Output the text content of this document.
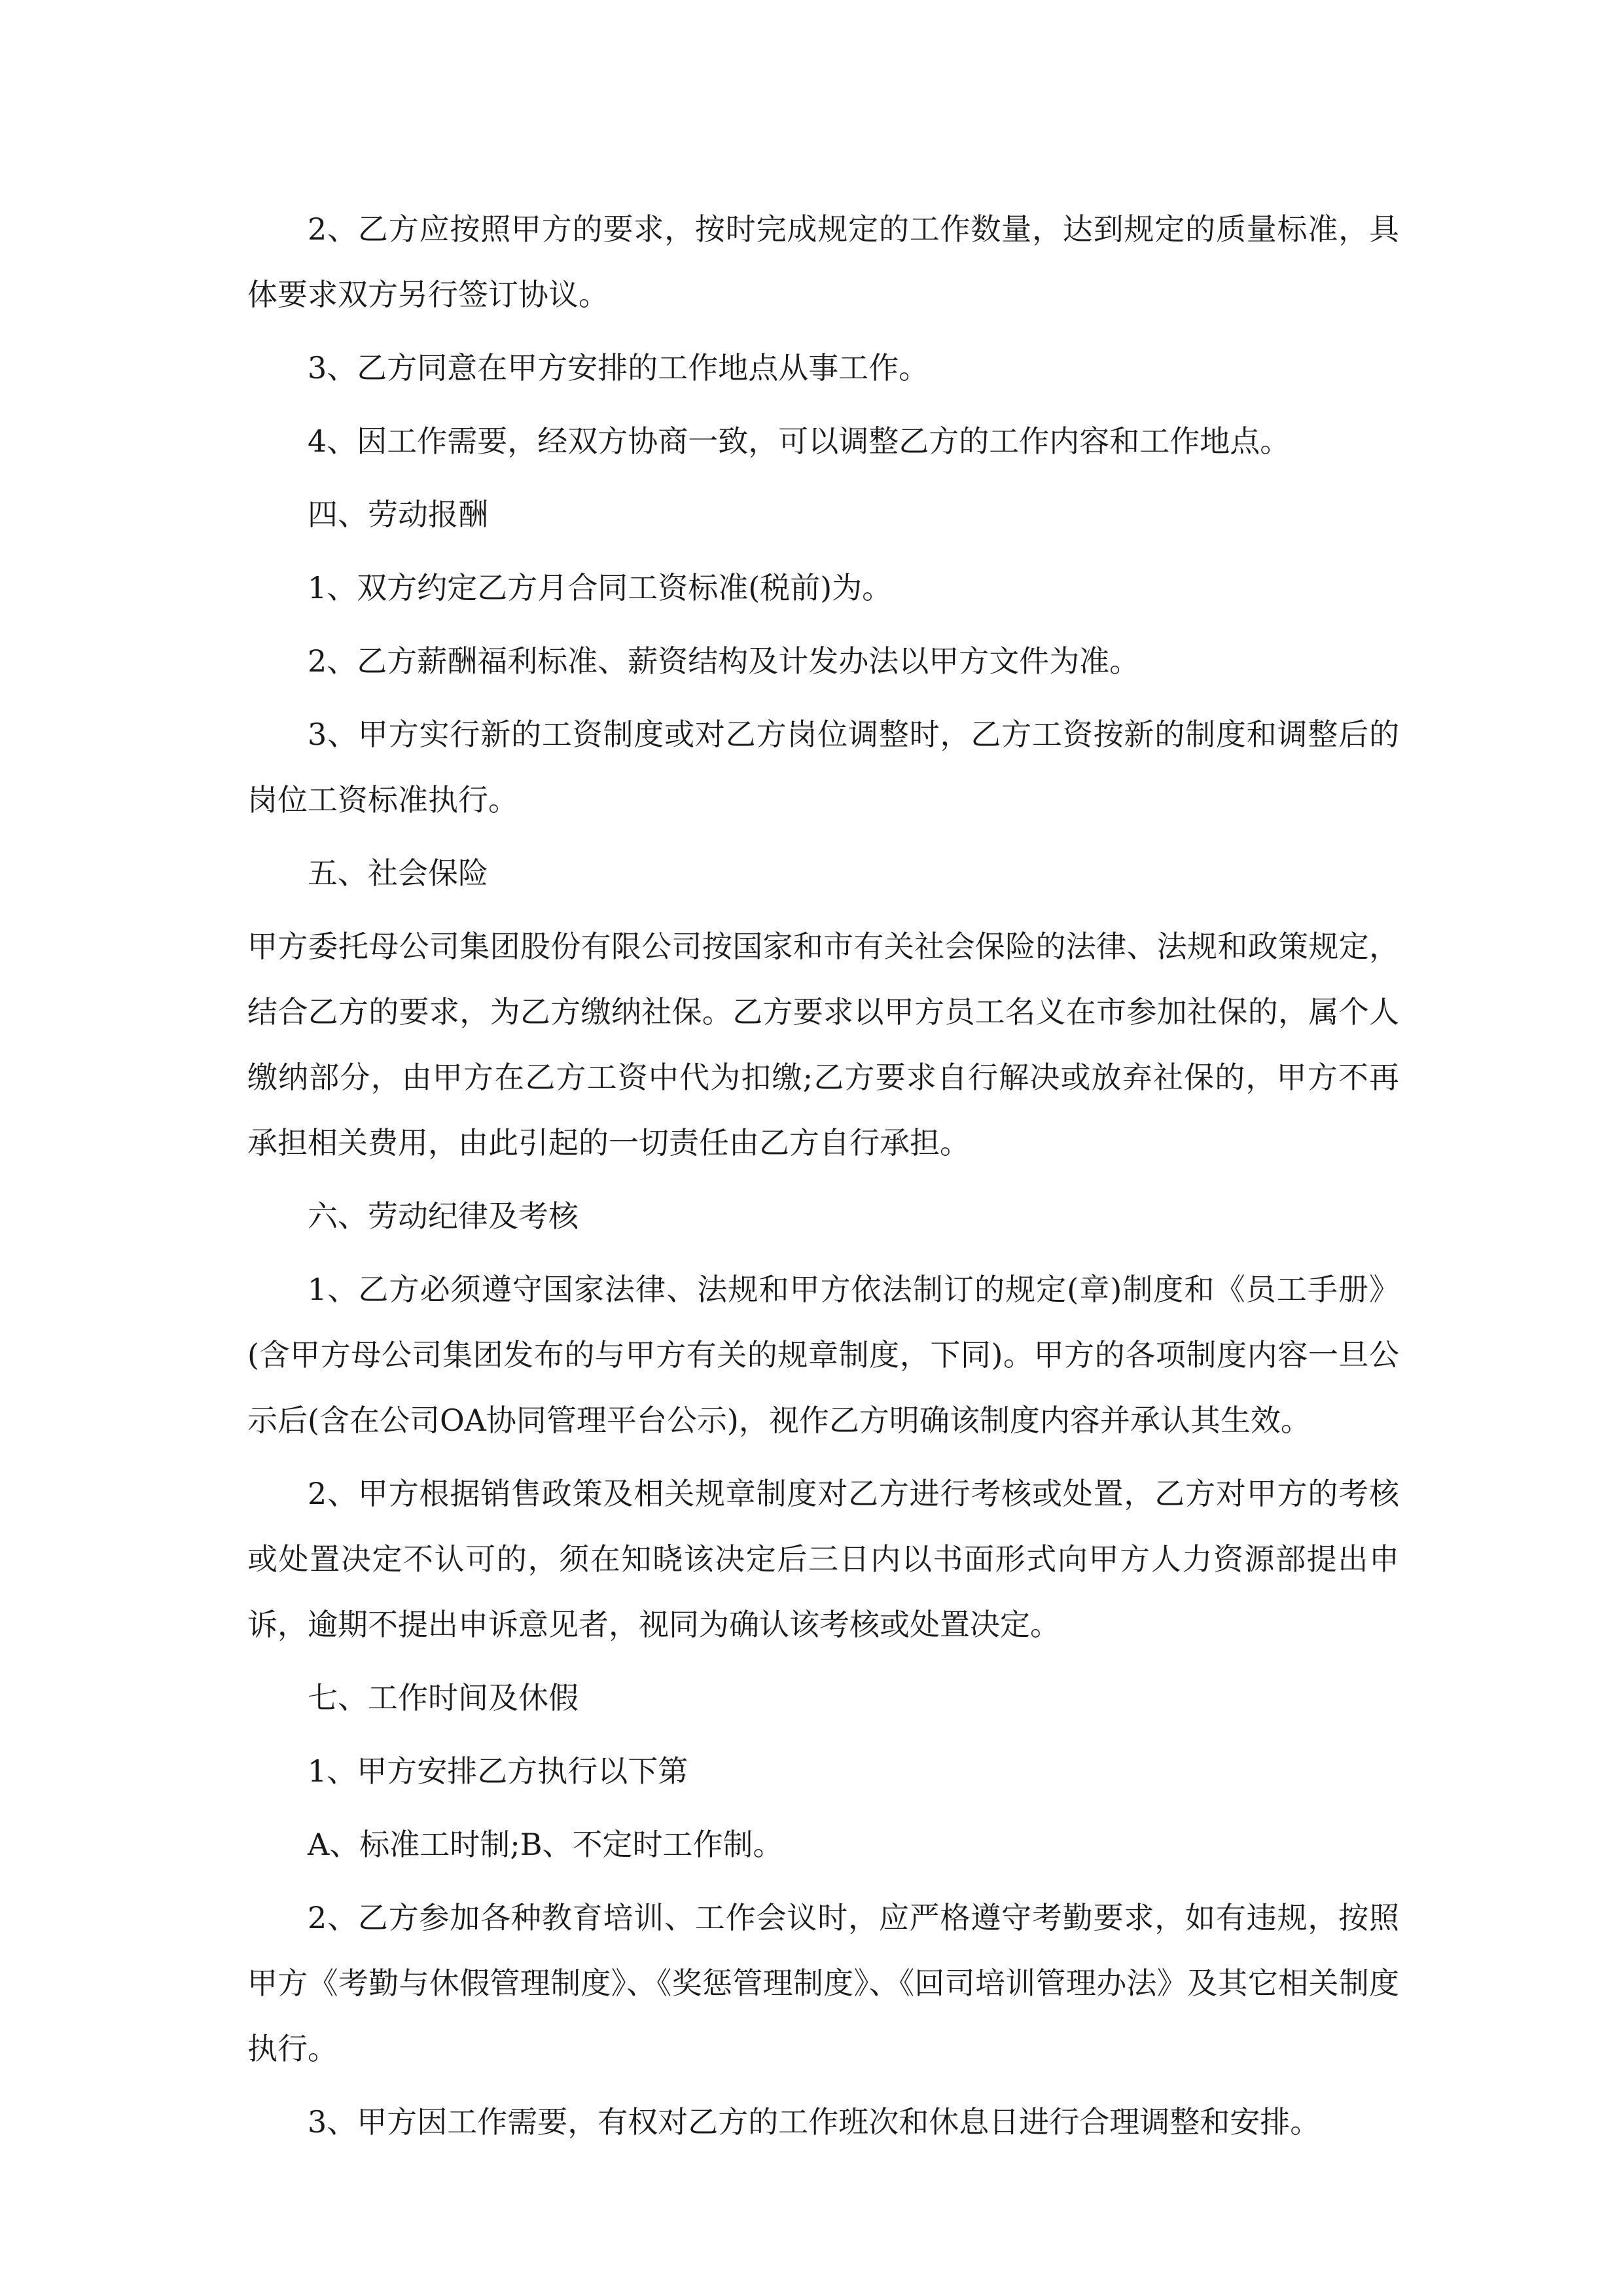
2、乙方应按照甲方的要求，按时完成规定的工作数量，达到规定的质量标准，具体要求双方另行签订协议。

3、乙方同意在甲方安排的工作地点从事工作。

4、因工作需要，经双方协商一致，可以调整乙方的工作内容和工作地点。

四、劳动报酬

1、双方约定乙方月合同工资标准(税前)为。

2、乙方薪酬福利标准、薪资结构及计发办法以甲方文件为准。

3、甲方实行新的工资制度或对乙方岗位调整时，乙方工资按新的制度和调整后的岗位工资标准执行。

五、社会保险

甲方委托母公司集团股份有限公司按国家和市有关社会保险的法律、法规和政策规定，结合乙方的要求，为乙方缴纳社保。乙方要求以甲方员工名义在市参加社保的，属个人缴纳部分，由甲方在乙方工资中代为扣缴;乙方要求自行解决或放弃社保的，甲方不再承担相关费用，由此引起的一切责任由乙方自行承担。

六、劳动纪律及考核

1、乙方必须遵守国家法律、法规和甲方依法制订的规定(章)制度和《员工手册》(含甲方母公司集团发布的与甲方有关的规章制度，下同)。甲方的各项制度内容一旦公示后(含在公司OA协同管理平台公示)，视作乙方明确该制度内容并承认其生效。

2、甲方根据销售政策及相关规章制度对乙方进行考核或处置，乙方对甲方的考核或处置决定不认可的，须在知晓该决定后三日内以书面形式向甲方人力资源部提出申诉，逾期不提出申诉意见者，视同为确认该考核或处置决定。

七、工作时间及休假

1、甲方安排乙方执行以下第

A、标准工时制;B、不定时工作制。

2、乙方参加各种教育培训、工作会议时，应严格遵守考勤要求，如有违规，按照甲方《考勤与休假管理制度》、《奖惩管理制度》、《回司培训管理办法》及其它相关制度执行。

3、甲方因工作需要，有权对乙方的工作班次和休息日进行合理调整和安排。
